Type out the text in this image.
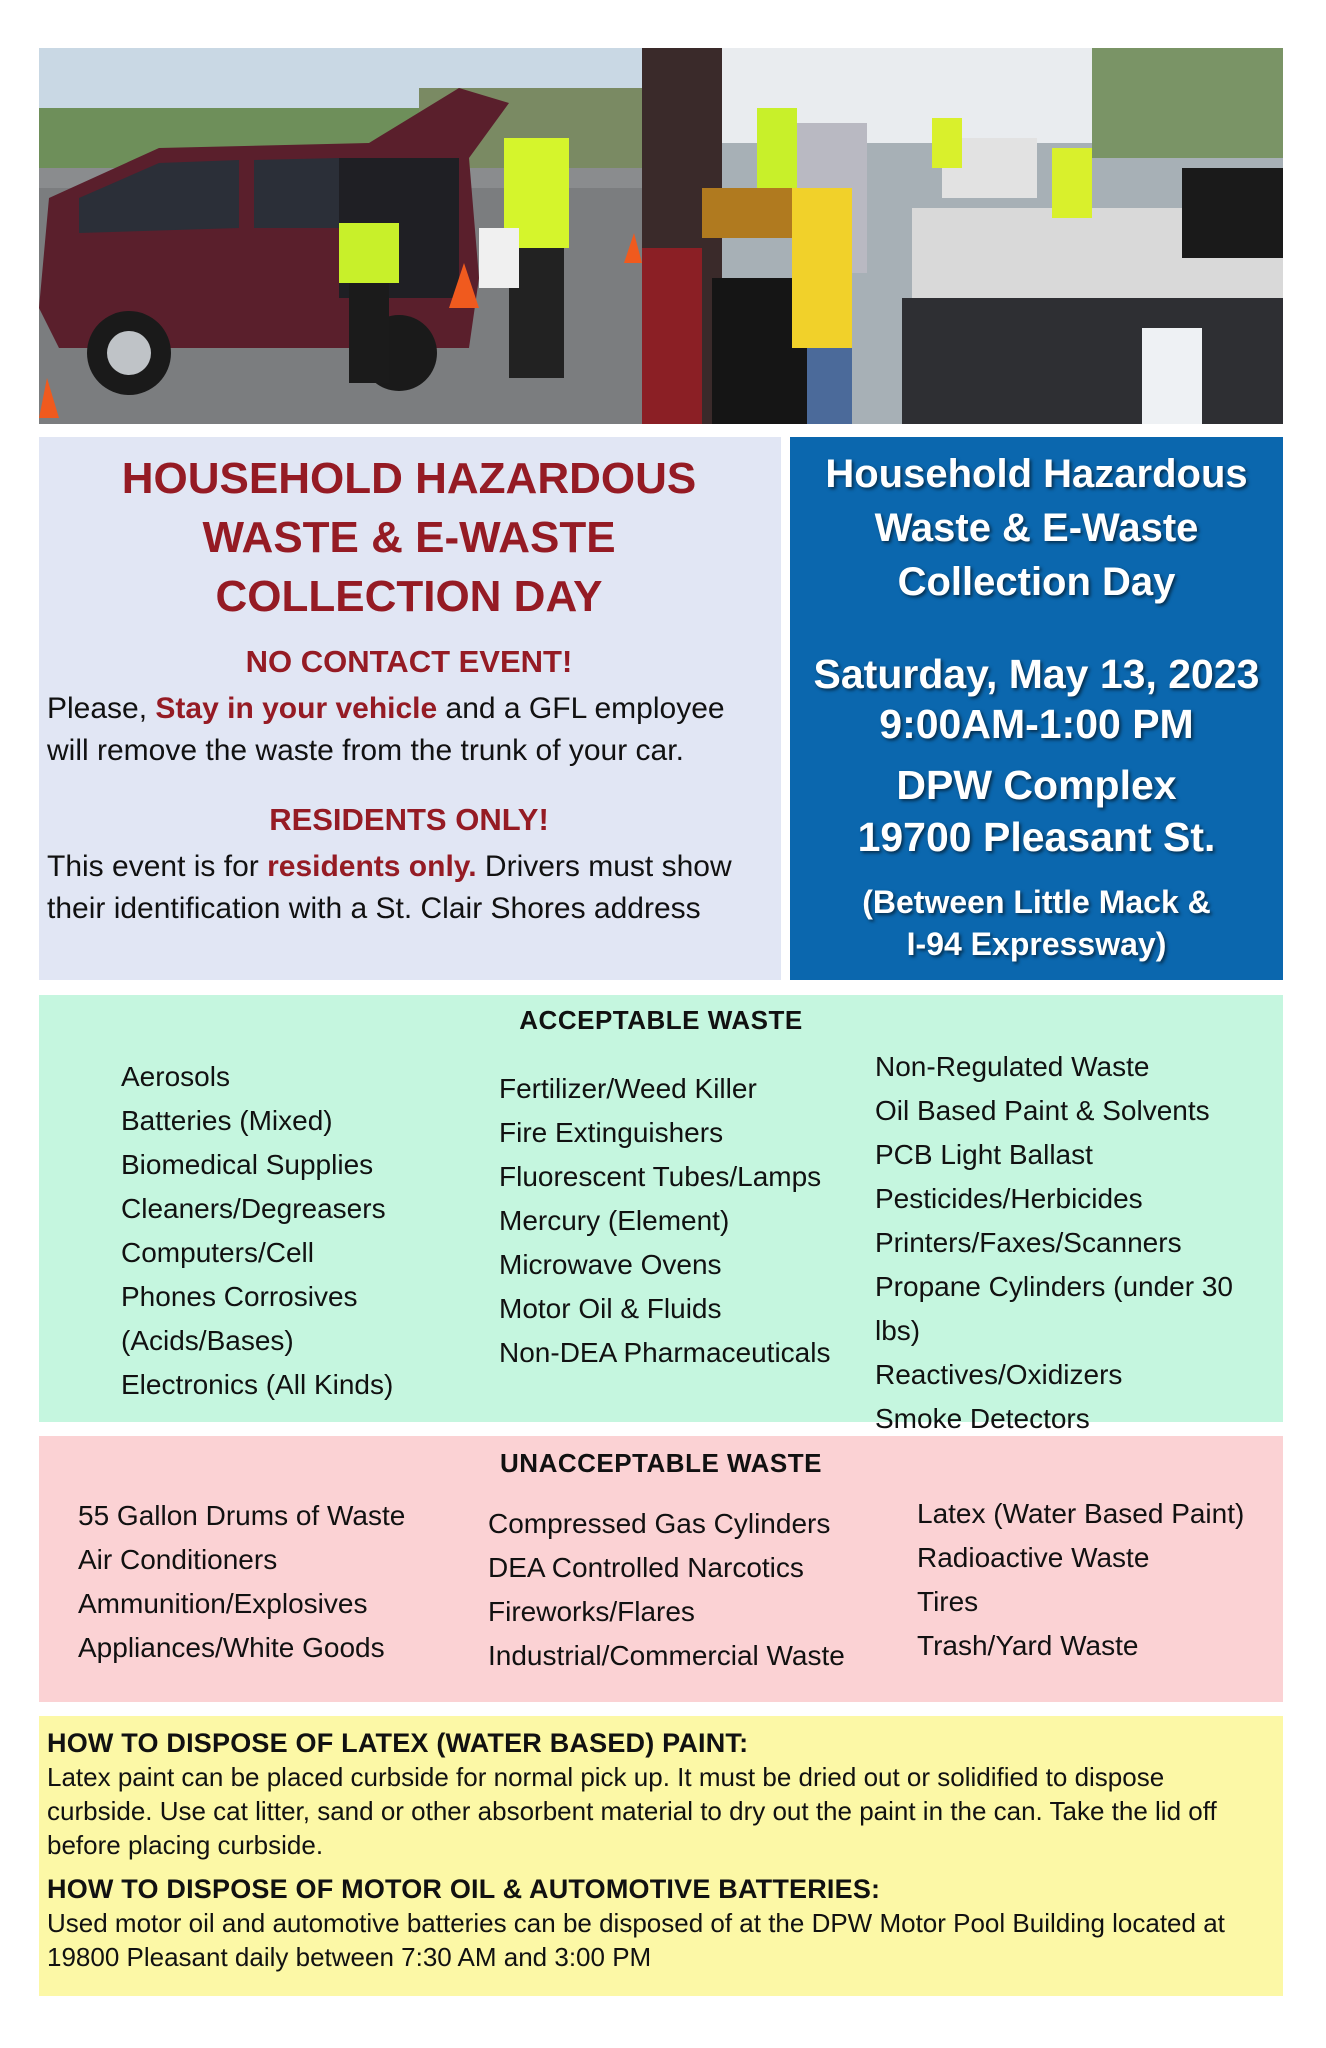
HOUSEHOLD HAZARDOUS
WASTE & E-WASTE
COLLECTION DAY
NO CONTACT EVENT!

Please, Stay in your vehicle and a GFL employee will remove the waste from the trunk of your car.

RESIDENTS ONLY!

This event is for residents only. Drivers must show their identification with a St. Clair Shores address

Household Hazardous
Waste & E-Waste
Collection Day
Saturday, May 13, 2023
9:00AM-1:00 PM
DPW Complex
19700 Pleasant St.
(Between Little Mack &
I-94 Expressway)
ACCEPTABLE WASTE
Aerosols
Batteries (Mixed)
Biomedical Supplies
Cleaners/Degreasers
Computers/Cell
Phones Corrosives
(Acids/Bases)
Electronics (All Kinds)
Fertilizer/Weed Killer
Fire Extinguishers
Fluorescent Tubes/Lamps
Mercury (Element)
Microwave Ovens
Motor Oil & Fluids
Non-DEA Pharmaceuticals
Non-Regulated Waste
Oil Based Paint & Solvents
PCB Light Ballast
Pesticides/Herbicides
Printers/Faxes/Scanners
Propane Cylinders (under 30 lbs)
Reactives/Oxidizers
Smoke Detectors
UNACCEPTABLE WASTE
55 Gallon Drums of Waste
Air Conditioners
Ammunition/Explosives
Appliances/White Goods
Compressed Gas Cylinders
DEA Controlled Narcotics
Fireworks/Flares
Industrial/Commercial Waste
Latex (Water Based Paint)
Radioactive Waste
Tires
Trash/Yard Waste
HOW TO DISPOSE OF LATEX (WATER BASED) PAINT:

Latex paint can be placed curbside for normal pick up. It must be dried out or solidified to dispose curbside. Use cat litter, sand or other absorbent material to dry out the paint in the can. Take the lid off before placing curbside.

HOW TO DISPOSE OF MOTOR OIL & AUTOMOTIVE BATTERIES:

Used motor oil and automotive batteries can be disposed of at the DPW Motor Pool Building located at 19800 Pleasant daily between 7:30 AM and 3:00 PM
